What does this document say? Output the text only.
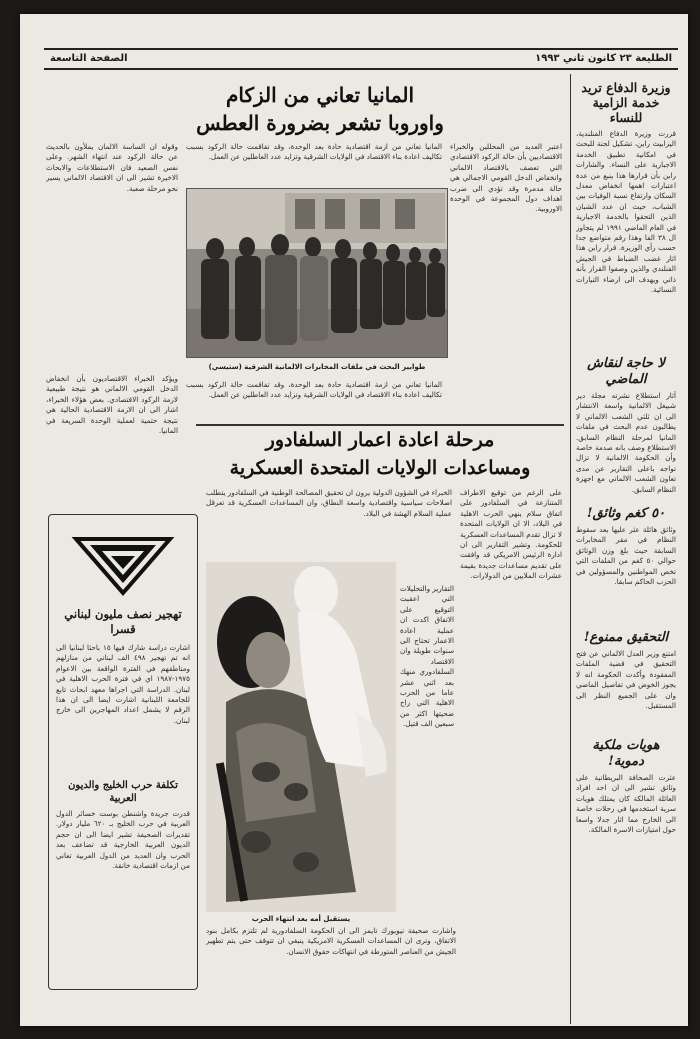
الطليعة ٢٣ كانون ثاني ١٩٩٣
الصفحة التاسعة
وزيرة الدفاع تريد خدمة الزامية للنساء
قررت وزيرة الدفاع الفنلندية، اليزابيث رابن، تشكيل لجنة للبحث في امكانية تطبيق الخدمة الاجبارية على النساء. والشارات رابن بأن قرارها هذا ينبع من عدة اعتبارات اهمها انخفاض معدل السكان وارتفاع نسبة الوفيات بين الشباب، حيث ان عدد الشبان الذين التحقوا بالخدمة الاجبارية في العام الماضي ١٩٩١ لم يتجاوز ال ٣٨ الفا وهذا رقم متواضع جدا حسب رأي الوزيرة. قرار رابن هذا اثار غضب الضباط في الجيش الفنلندي والذين وصفوا القرار بأنه ذاتي ويهدف الى ارضاء التيارات النسائية.
لا حاجة لنقاش الماضي
أثار استطلاع نشرته مجلة دير شبيغل الالمانية واسعة الانتشار الى ان ثلثي الشعب الالماني لا يطالبون عدم البحث في ملفات المانيا لمرحلة النظام السابق. الاستطلاع وصف بانه صدمة خاصة وأن الحكومة الالمانية لا تزال تواجه باعلى التقارير عن مدى تعاون الشعب الالماني مع اجهزة النظام السابق.
٥٠ كغم وثائق!
وثائق هائلة عثر عليها بعد سقوط النظام في مقر المخابرات السابقة حيث بلغ وزن الوثائق حوالي ٥٠ كغم من الملفات التي تخص المواطنين والمسؤولين في الحزب الحاكم سابقا.
التحقيق ممنوع!
امتنع وزير العدل الالماني عن فتح التحقيق في قضية الملفات المفقودة وأكدت الحكومة انه لا يجوز الخوض في تفاصيل الماضي وان على الجميع النظر الى المستقبل.
هويات ملكية دموية!
عثرت الصحافة البريطانية على وثائق تشير الى ان احد افراد العائلة المالكة كان يمتلك هويات سرية استخدمها في رحلات خاصة الى الخارج مما اثار جدلا واسعا حول امتيازات الاسرة المالكة.
المانيا تعاني من الزكام
واوروبا تشعر بضرورة العطس
اعتبر العديد من المحللين والخبراء الاقتصاديين بأن حالة الركود الاقتصادي التي تعصف بالاقتصاد الالماني وانخفاض الدخل القومي الاجمالي هي حالة مدمرة وقد تؤدي الى ضرب اهداف دول المجموعة في الوحدة الاوروبية.
المانيا تعاني من ازمة اقتصادية حادة بعد الوحدة، وقد تفاقمت حالة الركود بسبب تكاليف اعادة بناء الاقتصاد في الولايات الشرقية وتزايد عدد العاطلين عن العمل.
وقوله ان الساسة الالمان يملأون بالحديث عن حالة الركود عند انتهاء الشهر. وعلى نفس الصعيد فان الاستطلاعات والابحاث الاخيرة تشير الى ان الاقتصاد الالماني يسير نحو مرحلة صعبة.
ويؤكد الخبراء الاقتصاديون بأن انخفاض الدخل القومي الالماني هو نتيجة طبيعية لازمة الركود الاقتصادي. بعض هؤلاء الخبراء، اشار الى ان الازمة الاقتصادية الحالية هي نتيجة حتمية لعملية الوحدة السريعة في المانيا.
المانيا تعاني من ازمة اقتصادية حادة بعد الوحدة، وقد تفاقمت حالة الركود بسبب تكاليف اعادة بناء الاقتصاد في الولايات الشرقية وتزايد عدد العاطلين عن العمل.
طوابير البحث في ملفات المخابرات الالمانية الشرقية (ستيسي)
مرحلة اعادة اعمار السلفادور
ومساعدات الولايات المتحدة العسكرية
على الرغم من توقيع الاطراف المتنازعة في السلفادور على اتفاق سلام ينهي الحرب الاهلية في البلاد، الا ان الولايات المتحدة لا تزال تقدم المساعدات العسكرية للحكومة. وتشير التقارير الى ان ادارة الرئيس الامريكي قد وافقت على تقديم مساعدات جديدة بقيمة عشرات الملايين من الدولارات.
الخبراء في الشؤون الدولية يرون ان تحقيق المصالحة الوطنية في السلفادور يتطلب اصلاحات سياسية واقتصادية واسعة النطاق، وان المساعدات العسكرية قد تعرقل عملية السلام الهشة في البلاد.
التقارير والتحليلات التي اعقبت التوقيع على الاتفاق اكدت ان عملية اعادة الاعمار تحتاج الى سنوات طويلة وان الاقتصاد السلفادوري منهك بعد اثني عشر عاما من الحرب الاهلية التي راح ضحيتها اكثر من سبعين الف قتيل.
واشارت صحيفة نيويورك تايمز الى ان الحكومة السلفادورية لم تلتزم بكامل بنود الاتفاق، وترى ان المساعدات العسكرية الامريكية ينبغي ان تتوقف حتى يتم تطهير الجيش من العناصر المتورطة في انتهاكات حقوق الانسان.
يستقبل أمه بعد انتهاء الحرب
تهجير نصف مليون لبناني قسرا
اشارت دراسة شارك فيها ١٥ باحثا لبنانيا الى انه تم تهجير ٤٩٨ الف لبناني من منازلهم ومناطقهم في الفترة الواقعة بين الاعوام ١٩٧٥-١٩٨٧ اي في فترة الحرب الاهلية في لبنان. الدراسة التي اجراها معهد ابحاث تابع للجامعة اللبنانية اشارت ايضا الى ان هذا الرقم لا يشمل اعداد المهاجرين الى خارج لبنان.
تكلفة حرب الخليج والديون العربية
قدرت جريدة واشنطن بوست خسائر الدول العربية في حرب الخليج بـ ٦٢٠ مليار دولار. تقديرات الصحيفة تشير ايضا الى ان حجم الديون العربية الخارجية قد تضاعف بعد الحرب وان العديد من الدول العربية تعاني من ازمات اقتصادية خانقة.
